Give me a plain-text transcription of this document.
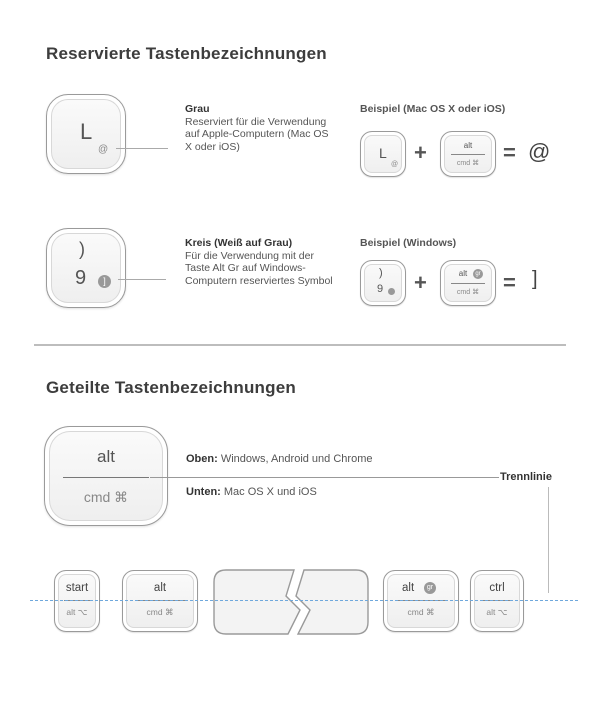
Reservierte Tastenbezeichnungen
L
@
Grau
Reserviert für die Verwendung auf Apple-Computern (Mac OS X oder iOS)
Beispiel (Mac OS X oder iOS)
L
@ +	alt
cmd ⌘	= @
)
9	]
Kreis (Weiß auf Grau)
Für die Verwendung mit der Taste Alt Gr auf Windows-Computern reserviertes Symbol
Beispiel (Windows)
)
9 +	alt	gr
cmd ⌘	= ]
Geteilte Tastenbezeichnungen
alt
cmd ⌘
Oben: Windows, Android und Chrome
Unten: Mac OS X und iOS
Trennlinie
start
alt ⌥
alt
cmd ⌘
alt	gr
cmd ⌘
ctrl
alt ⌥
